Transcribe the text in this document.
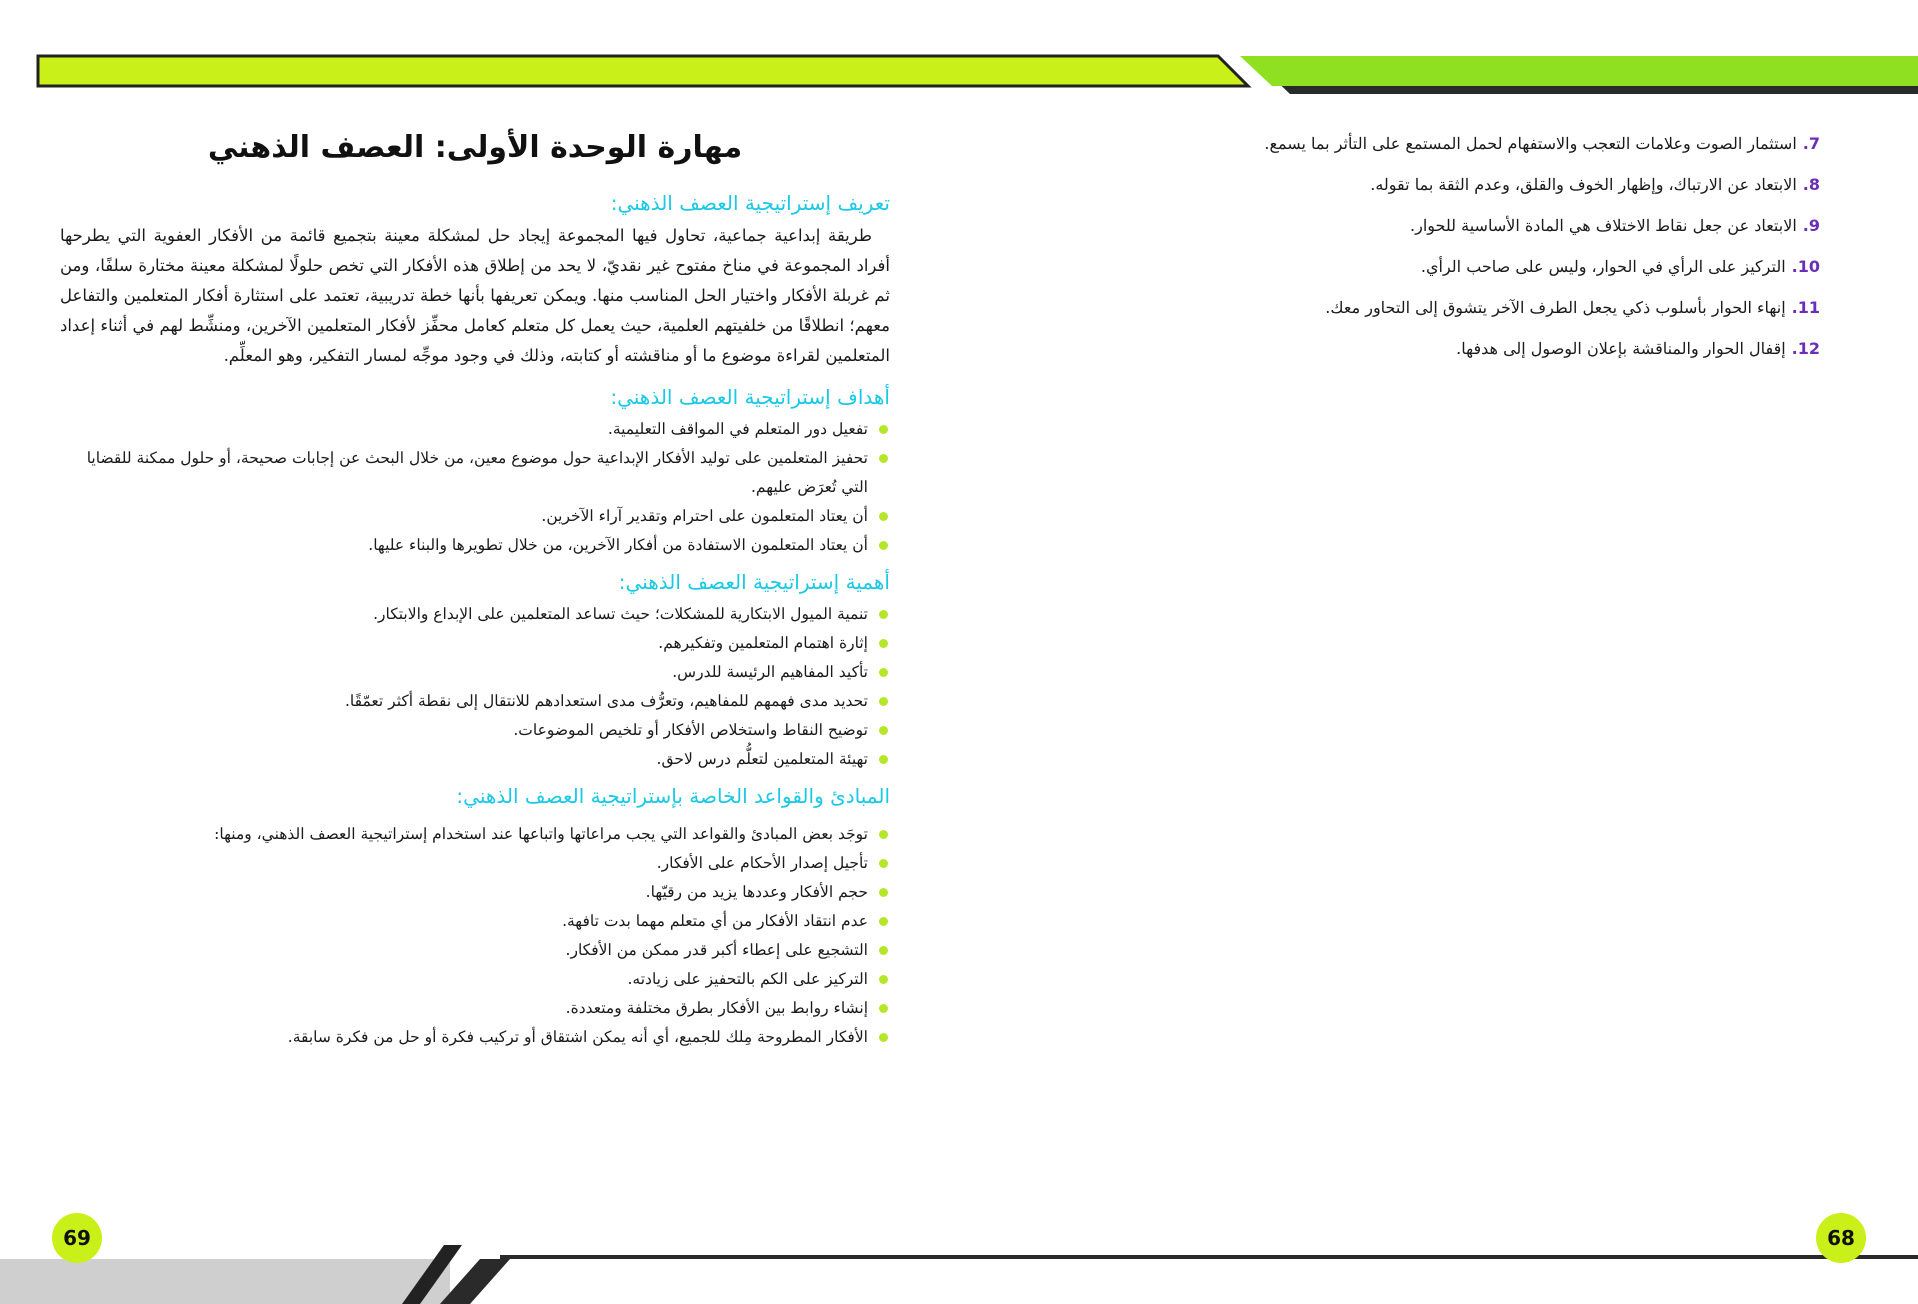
69	68
مهارة الوحدة الأولى: العصف الذهني
تعريف إستراتيجية العصف الذهني:

طريقة إبداعية جماعية، تحاول فيها المجموعة إيجاد حل لمشكلة معينة بتجميع قائمة من الأفكار العفوية التي يطرحها أفراد المجموعة في مناخ مفتوح غير نقديّ، لا يحد من إطلاق هذه الأفكار التي تخص حلولًا لمشكلة معينة مختارة سلفًا، ومن ثم غربلة الأفكار واختيار الحل المناسب منها. ويمكن تعريفها بأنها خطة تدريبية، تعتمد على استثارة أفكار المتعلمين والتفاعل معهم؛ انطلاقًا من خلفيتهم العلمية، حيث يعمل كل متعلم كعامل محفِّز لأفكار المتعلمين الآخرين، ومنشِّط لهم في أثناء إعداد المتعلمين لقراءة موضوع ما أو مناقشته أو كتابته، وذلك في وجود موجِّه لمسار التفكير، وهو المعلِّم.

أهداف إستراتيجية العصف الذهني:
تفعيل دور المتعلم في المواقف التعليمية.
تحفيز المتعلمين على توليد الأفكار الإبداعية حول موضوع معين، من خلال البحث عن إجابات صحيحة، أو حلول ممكنة للقضايا التي تُعرَض عليهم.
أن يعتاد المتعلمون على احترام وتقدير آراء الآخرين.
أن يعتاد المتعلمون الاستفادة من أفكار الآخرين، من خلال تطويرها والبناء عليها.
أهمية إستراتيجية العصف الذهني:
تنمية الميول الابتكارية للمشكلات؛ حيث تساعد المتعلمين على الإبداع والابتكار.
إثارة اهتمام المتعلمين وتفكيرهم.
تأكيد المفاهيم الرئيسة للدرس.
تحديد مدى فهمهم للمفاهيم، وتعرُّف مدى استعدادهم للانتقال إلى نقطة أكثر تعمّقًا.
توضيح النقاط واستخلاص الأفكار أو تلخيص الموضوعات.
تهيئة المتعلمين لتعلُّم درس لاحق.
المبادئ والقواعد الخاصة بإستراتيجية العصف الذهني:
توجَد بعض المبادئ والقواعد التي يجب مراعاتها واتباعها عند استخدام إستراتيجية العصف الذهني، ومنها:
تأجيل إصدار الأحكام على الأفكار.
حجم الأفكار وعددها يزيد من رقيّها.
عدم انتقاد الأفكار من أي متعلم مهما بدت تافهة.
التشجيع على إعطاء أكبر قدر ممكن من الأفكار.
التركيز على الكم بالتحفيز على زيادته.
إنشاء روابط بين الأفكار بطرق مختلفة ومتعددة.
الأفكار المطروحة مِلك للجميع، أي أنه يمكن اشتقاق أو تركيب فكرة أو حل من فكرة سابقة.
7.استثمار الصوت وعلامات التعجب والاستفهام لحمل المستمع على التأثر بما يسمع.
8.الابتعاد عن الارتباك، وإظهار الخوف والقلق، وعدم الثقة بما تقوله.
9.الابتعاد عن جعل نقاط الاختلاف هي المادة الأساسية للحوار.
10.التركيز على الرأي في الحوار، وليس على صاحب الرأي.
11.إنهاء الحوار بأسلوب ذكي يجعل الطرف الآخر يتشوق إلى التحاور معك.
12.إقفال الحوار والمناقشة بإعلان الوصول إلى هدفها.
